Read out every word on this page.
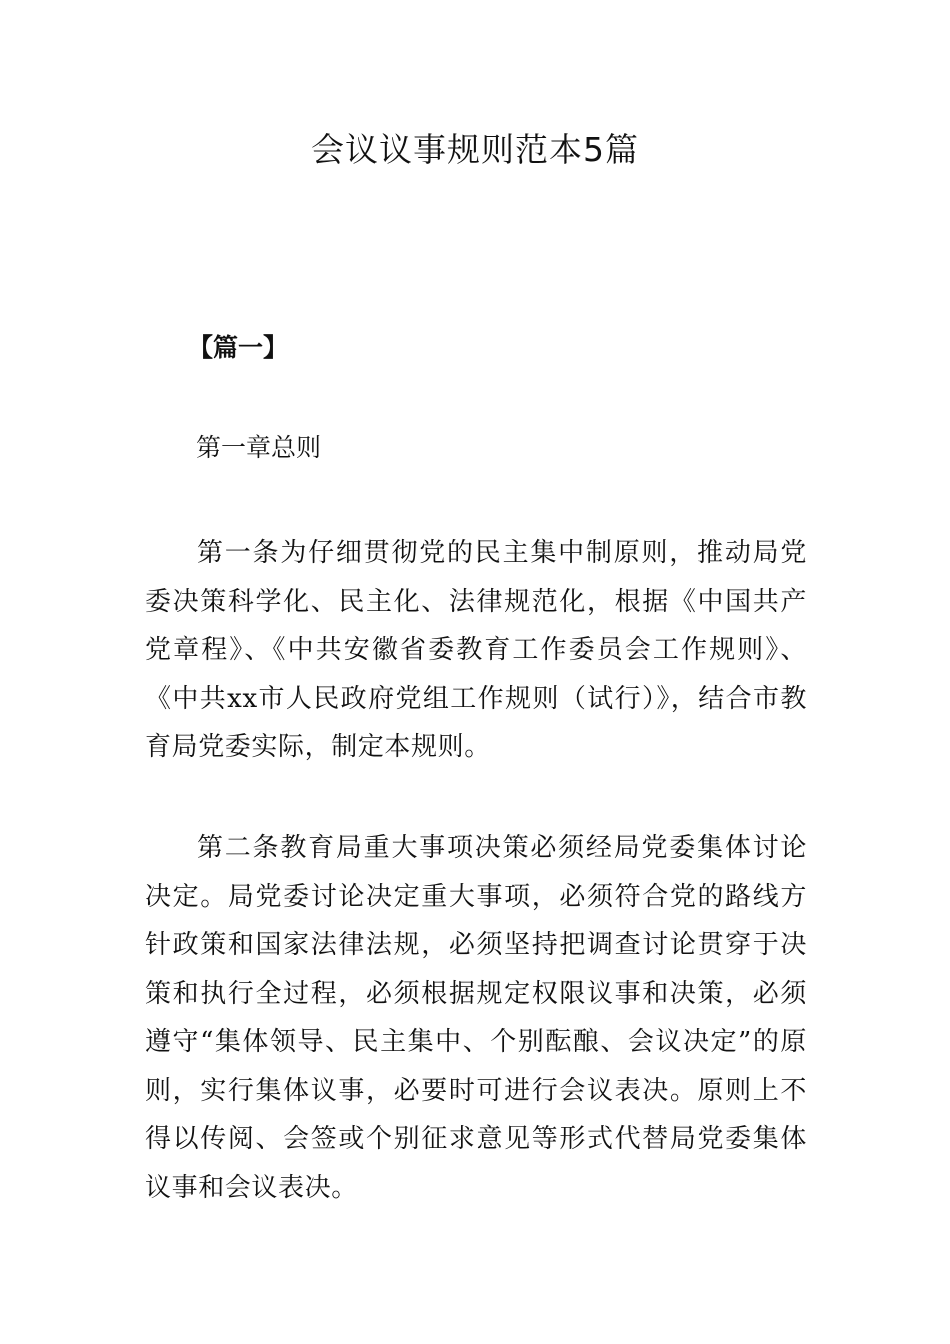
会议议事规则范本5篇
【篇一】
第一章总则

第一条为仔细贯彻党的民主集中制原则，推动局党委决策科学化、民主化、法律规范化，根据《中国共产党章程》、《中共安徽省委教育工作委员会工作规则》、《中共xx市人民政府党组工作规则（试行）》，结合市教育局党委实际，制定本规则。

第二条教育局重大事项决策必须经局党委集体讨论决定。局党委讨论决定重大事项，必须符合党的路线方针政策和国家法律法规，必须坚持把调查讨论贯穿于决策和执行全过程，必须根据规定权限议事和决策，必须遵守“集体领导、民主集中、个别酝酿、会议决定”的原则，实行集体议事，必要时可进行会议表决。原则上不得以传阅、会签或个别征求意见等形式代替局党委集体议事和会议表决。
